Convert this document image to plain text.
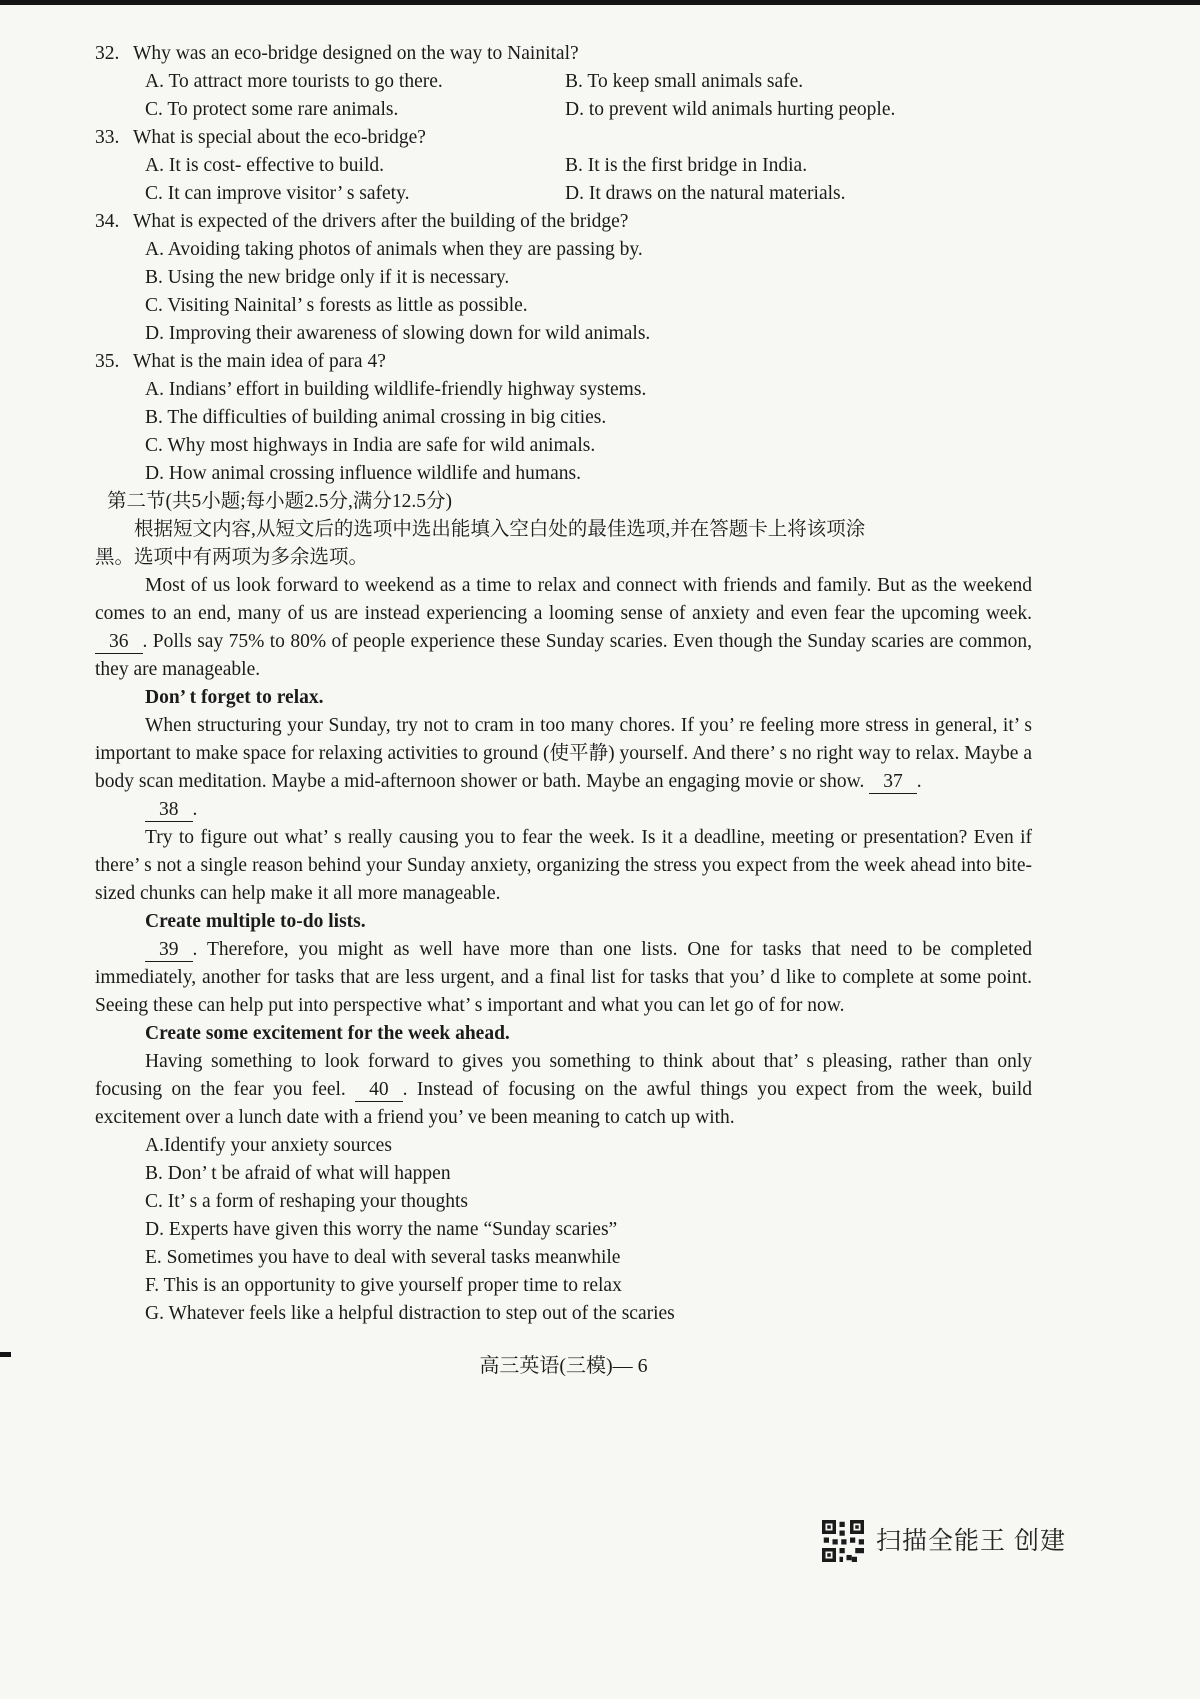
32. Why was an eco-bridge designed on the way to Nainital?
A. To attract more tourists to go there.	B. To keep small animals safe.
C. To protect some rare animals.	D. to prevent wild animals hurting people.
33. What is special about the eco-bridge?
A. It is cost- effective to build.	B. It is the first bridge in India.
C. It can improve visitor’ s safety.	D. It draws on the natural materials.
34. What is expected of the drivers after the building of the bridge?
A. Avoiding taking photos of animals when they are passing by.
B. Using the new bridge only if it is necessary.
C. Visiting Nainital’ s forests as little as possible.
D. Improving their awareness of slowing down for wild animals.
35. What is the main idea of para 4?
A. Indians’ effort in building wildlife-friendly highway systems.
B. The difficulties of building animal crossing in big cities.
C. Why most highways in India are safe for wild animals.
D. How animal crossing influence wildlife and humans.
第二节(共5小题;每小题2.5分,满分12.5分)
根据短文内容,从短文后的选项中选出能填入空白处的最佳选项,并在答题卡上将该项涂
黑。选项中有两项为多余选项。

Most of us look forward to weekend as a time to relax and connect with friends and family. But as the weekend comes to an end, many of us are instead experiencing a looming sense of anxiety and even fear the upcoming week. 36 . Polls say 75% to 80% of people experience these Sunday scaries. Even though the Sunday scaries are common, they are manageable.

Don’ t forget to relax.

When structuring your Sunday, try not to cram in too many chores. If you’ re feeling more stress in general, it’ s important to make space for relaxing activities to ground (使平静) yourself. And there’ s no right way to relax. Maybe a body scan meditation. Maybe a mid-afternoon shower or bath. Maybe an engaging movie or show. 37 .

38 .

Try to figure out what’ s really causing you to fear the week. Is it a deadline, meeting or presentation? Even if there’ s not a single reason behind your Sunday anxiety, organizing the stress you expect from the week ahead into bite-sized chunks can help make it all more manageable.

Create multiple to-do lists.

39 . Therefore, you might as well have more than one lists. One for tasks that need to be completed immediately, another for tasks that are less urgent, and a final list for tasks that you’ d like to complete at some point. Seeing these can help put into perspective what’ s important and what you can let go of for now.

Create some excitement for the week ahead.

Having something to look forward to gives you something to think about that’ s pleasing, rather than only focusing on the fear you feel. 40 . Instead of focusing on the awful things you expect from the week, build excitement over a lunch date with a friend you’ ve been meaning to catch up with.

A.Identify your anxiety sources
B. Don’ t be afraid of what will happen
C. It’ s a form of reshaping your thoughts
D. Experts have given this worry the name “Sunday scaries”
E. Sometimes you have to deal with several tasks meanwhile
F. This is an opportunity to give yourself proper time to relax
G. Whatever feels like a helpful distraction to step out of the scaries
高三英语(三模)— 6
扫描全能王 创建
